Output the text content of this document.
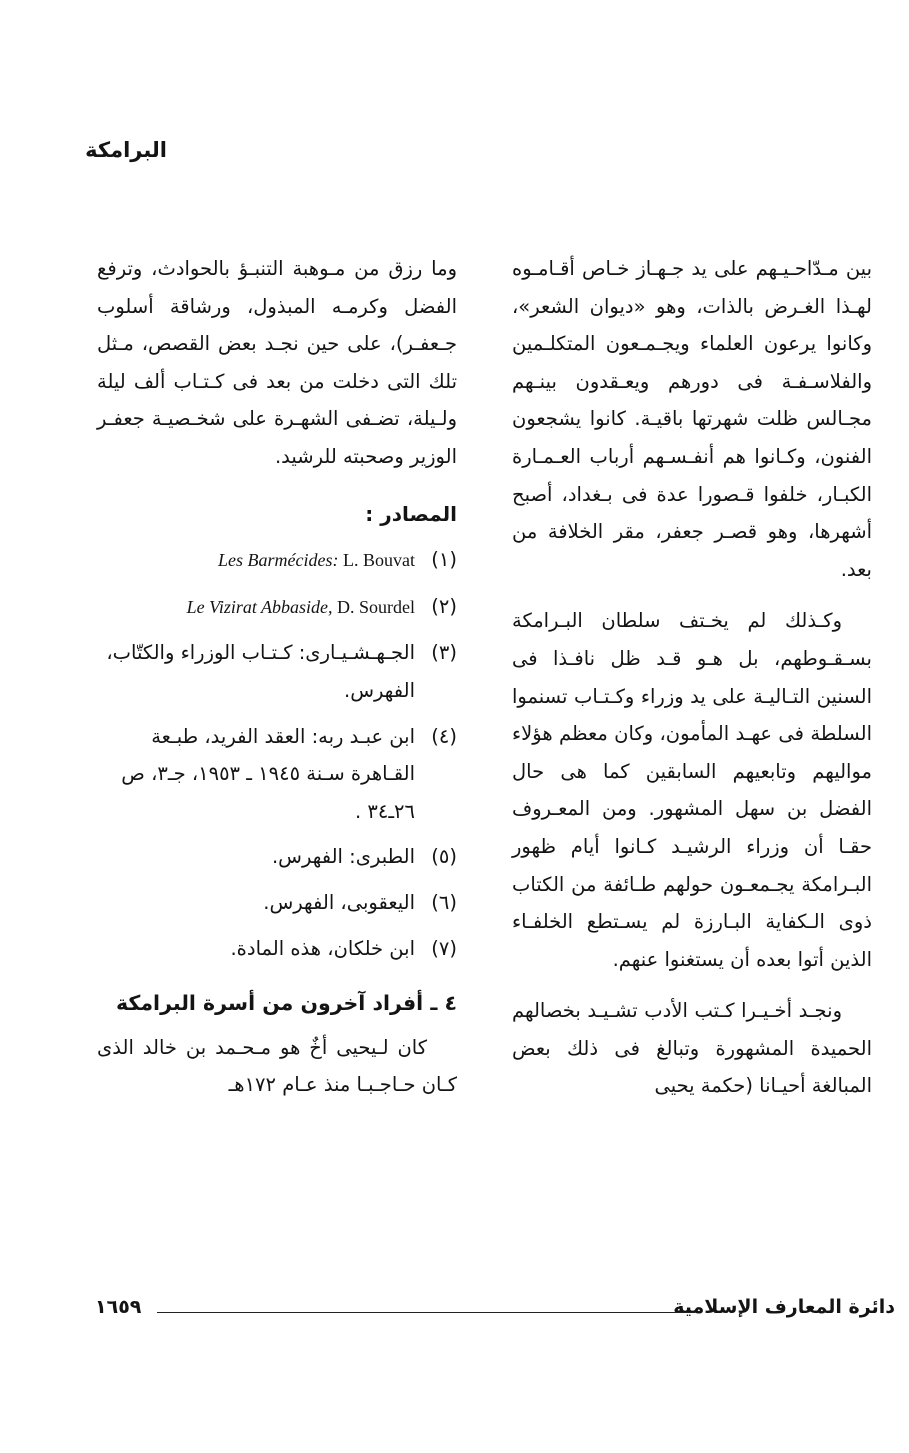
البرامكة

بين مـدّاحـيـهم على يد جـهـاز خـاص أقـامـوه لهـذا الغـرض بالذات، وهو «ديوان الشعر»، وكانوا يرعون العلماء ويجـمـعون المتكلـمين والفلاسـفـة فى دورهم ويعـقدون بينـهم مجـالس ظلت شهرتها باقيـة. كانوا يشجعون الفنون، وكـانوا هم أنفـسـهم أرباب العـمـارة الكبـار، خلفوا قـصورا عدة فى بـغداد، أصبح أشهرها، وهو قصـر جعفر، مقر الخلافة من بعد.

وكـذلك لم يخـتف سلطان البـرامكة بسـقـوطهم، بل هـو قـد ظل نافـذا فى السنين التـاليـة على يد وزراء وكـتـاب تسنموا السلطة فى عهـد المأمون، وكان معظم هؤلاء مواليهم وتابعيهم السابقين كما هى حال الفضل بن سهل المشهور. ومن المعـروف حقـا أن وزراء الرشيـد كـانوا أيام ظهور البـرامكة يجـمعـون حولهم طـائفة من الكتاب ذوى الـكفاية البـارزة لم يسـتطع الخلفـاء الذين أتوا بعده أن يستغنوا عنهم.

ونجـد أخـيـرا كـتب الأدب تشـيـد بخصالهم الحميدة المشهورة وتبالغ فى ذلك بعض المبالغة أحيـانا (حكمة يحيى

وما رزق من مـوهبة التنبـؤ بالحوادث، وترفع الفضل وكرمـه المبذول، ورشاقة أسلوب جـعفـر)، على حين نجـد بعض القصص، مـثل تلك التى دخلت من بعد فى كـتـاب ألف ليلة ولـيلة، تضـفى الشهـرة على شخـصيـة جعفـر الوزير وصحبته للرشيد.

المصادر :

(١)
Les Barmécides: L. Bouvat
(٢)
Le Vizirat Abbaside, D. Sourdel
(٣)
الجـهـشـيـارى: كـتـاب الوزراء والكتّاب، الفهرس.
(٤)
ابن عبـد ربه: العقد الفريد، طبـعة القـاهرة سـنة ١٩٤٥ ـ ١٩٥٣، جـ٣، ص ٢٦ـ٣٤ .
(٥)
الطبرى: الفهرس.
(٦)
اليعقوبى، الفهرس.
(٧)
ابن خلكان، هذه المادة.

٤ ـ أفراد آخرون من أسرة البرامكة

كان لـيحيى أخٌ هو مـحـمد بن خالد الذى كـان حـاجـبـا منذ عـام ١٧٢هـ

دائرة المعارف الإسلامية
١٦٥٩
